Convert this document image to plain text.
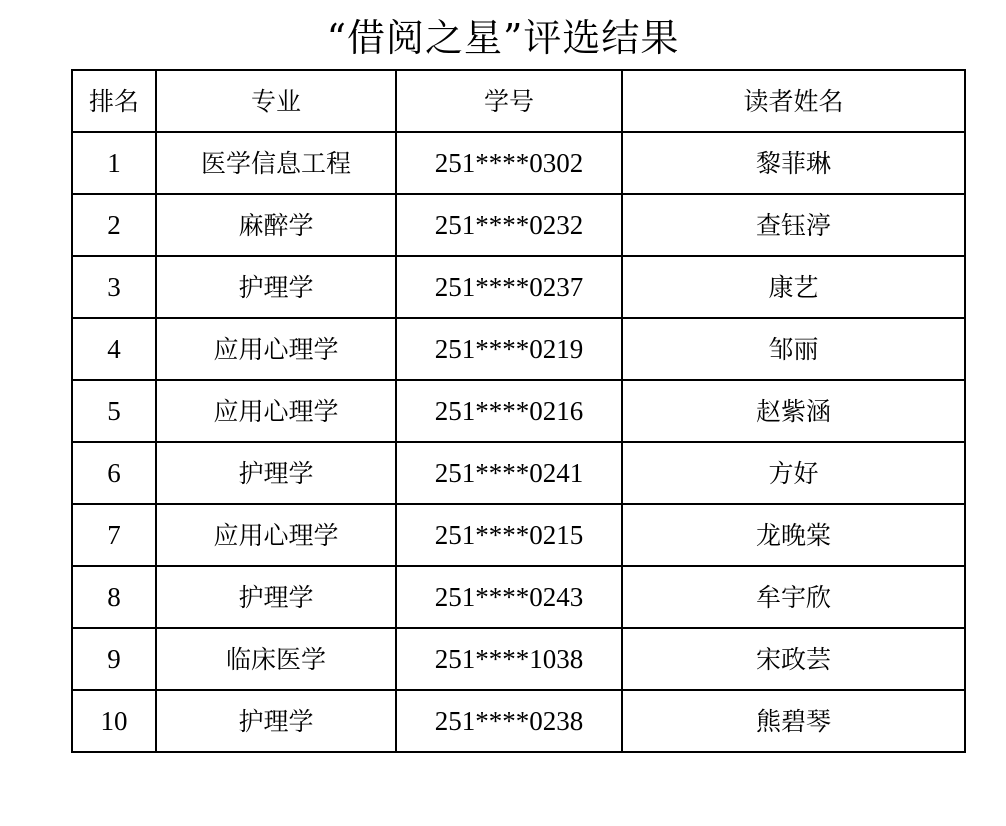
“借阅之星”评选结果
排名	专业	学号	读者姓名
1	医学信息工程	251****0302	黎菲琳
2	麻醉学	251****0232	查钰渟
3	护理学	251****0237	康艺
4	应用心理学	251****0219	邹丽
5	应用心理学	251****0216	赵紫涵
6	护理学	251****0241	方好
7	应用心理学	251****0215	龙晚棠
8	护理学	251****0243	牟宇欣
9	临床医学	251****1038	宋政芸
10	护理学	251****0238	熊碧琴
